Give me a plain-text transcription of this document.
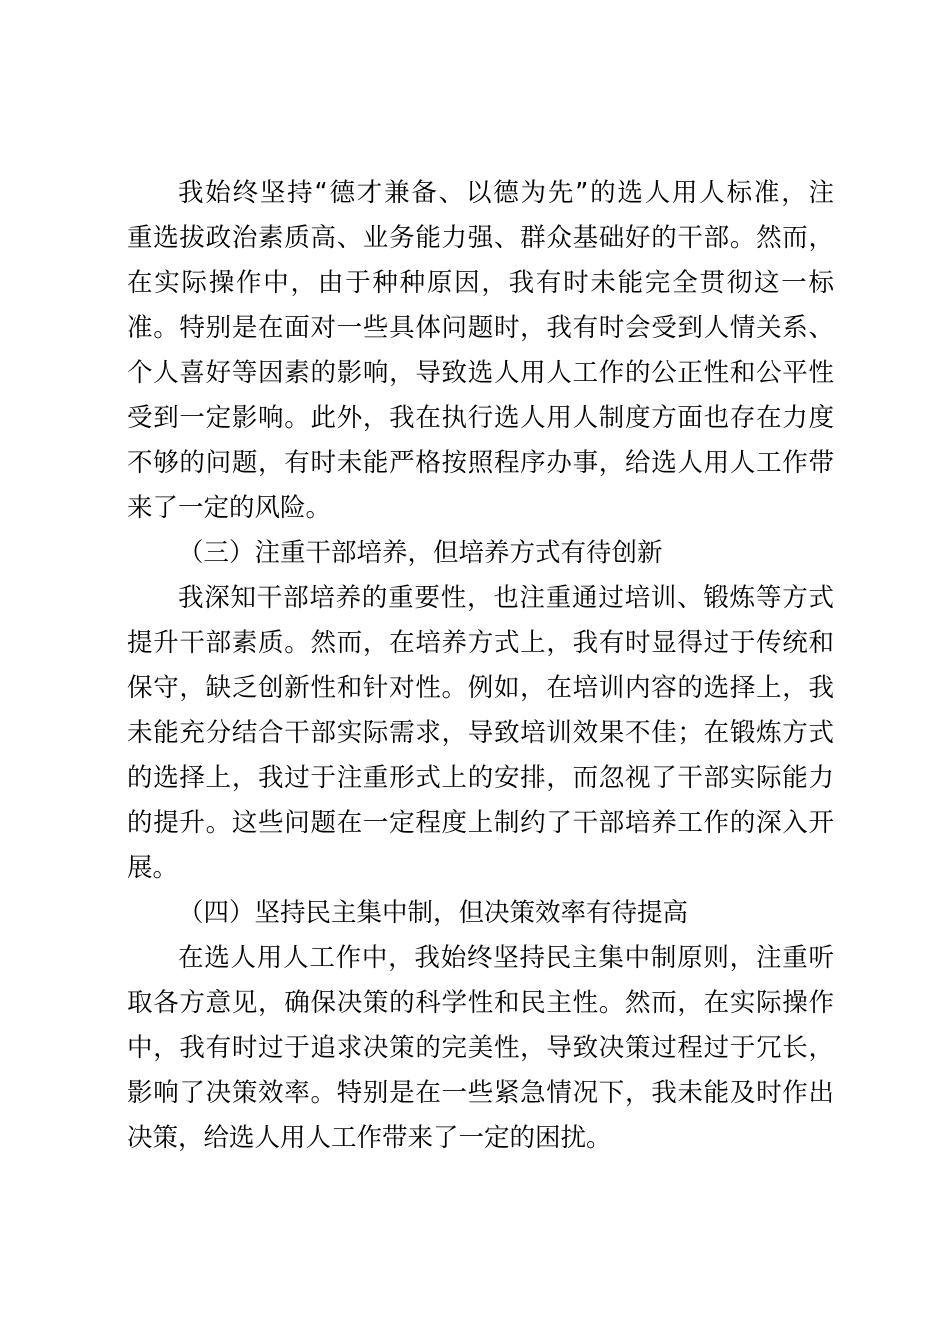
我始终坚持“德才兼备、以德为先”的选人用人标准，注
重选拔政治素质高、业务能力强、群众基础好的干部。然而，
在实际操作中，由于种种原因，我有时未能完全贯彻这一标
准。特别是在面对一些具体问题时，我有时会受到人情关系、
个人喜好等因素的影响，导致选人用人工作的公正性和公平性
受到一定影响。此外，我在执行选人用人制度方面也存在力度
不够的问题，有时未能严格按照程序办事，给选人用人工作带
来了一定的风险。
（三）注重干部培养，但培养方式有待创新
我深知干部培养的重要性，也注重通过培训、锻炼等方式
提升干部素质。然而，在培养方式上，我有时显得过于传统和
保守，缺乏创新性和针对性。例如，在培训内容的选择上，我
未能充分结合干部实际需求，导致培训效果不佳；在锻炼方式
的选择上，我过于注重形式上的安排，而忽视了干部实际能力
的提升。这些问题在一定程度上制约了干部培养工作的深入开
展。
（四）坚持民主集中制，但决策效率有待提高
在选人用人工作中，我始终坚持民主集中制原则，注重听
取各方意见，确保决策的科学性和民主性。然而，在实际操作
中，我有时过于追求决策的完美性，导致决策过程过于冗长，
影响了决策效率。特别是在一些紧急情况下，我未能及时作出
决策，给选人用人工作带来了一定的困扰。
